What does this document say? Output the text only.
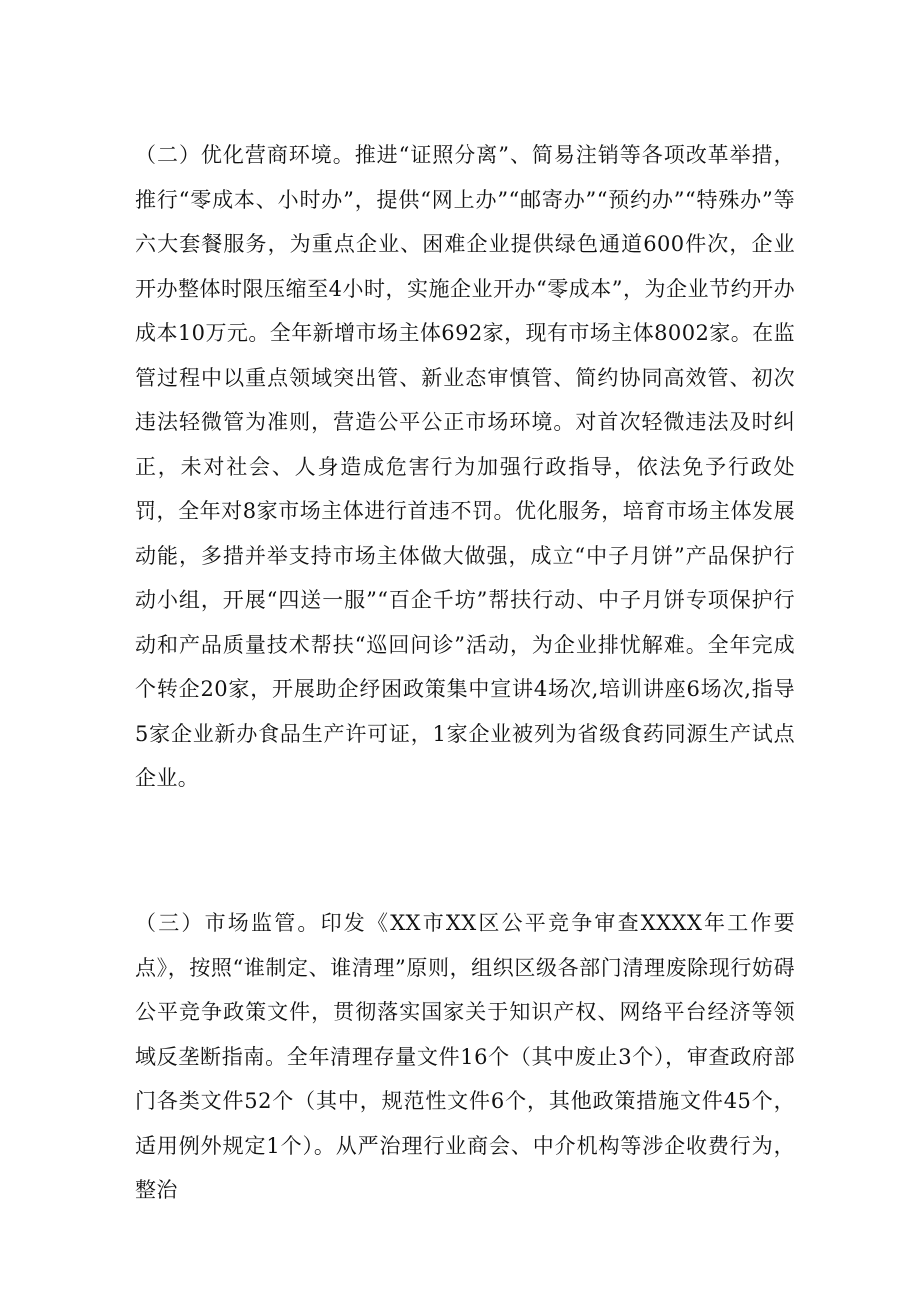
（二）优化营商环境。推进“证照分离”、简易注销等各项改革举措，推行“零成本、小时办”，提供“网上办”“邮寄办”“预约办”“特殊办”等六大套餐服务，为重点企业、困难企业提供绿色通道600件次，企业开办整体时限压缩至4小时，实施企业开办“零成本”，为企业节约开办成本10万元。全年新增市场主体692家，现有市场主体8002家。在监管过程中以重点领域突出管、新业态审慎管、简约协同高效管、初次违法轻微管为准则，营造公平公正市场环境。对首次轻微违法及时纠正，未对社会、人身造成危害行为加强行政指导，依法免予行政处罚，全年对8家市场主体进行首违不罚。优化服务，培育市场主体发展动能，多措并举支持市场主体做大做强，成立“中子月饼”产品保护行动小组，开展“四送一服”“百企千坊”帮扶行动、中子月饼专项保护行动和产品质量技术帮扶“巡回问诊”活动，为企业排忧解难。全年完成个转企20家，开展助企纾困政策集中宣讲4场次,培训讲座6场次,指导5家企业新办食品生产许可证，1家企业被列为省级食药同源生产试点企业。

（三）市场监管。印发《XX市XX区公平竞争审查XXXX年工作要点》，按照“谁制定、谁清理”原则，组织区级各部门清理废除现行妨碍公平竞争政策文件，贯彻落实国家关于知识产权、网络平台经济等领域反垄断指南。全年清理存量文件16个（其中废止3个），审查政府部门各类文件52个（其中，规范性文件6个，其他政策措施文件45个，适用例外规定1个）。从严治理行业商会、中介机构等涉企收费行为，整治
